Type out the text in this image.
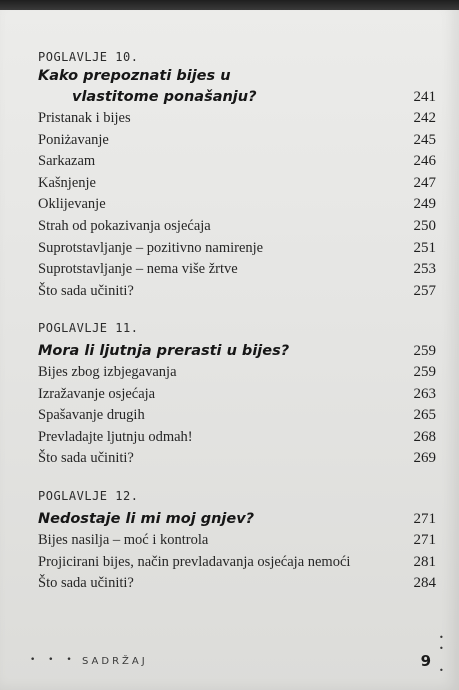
POGLAVLJE 10.
Kako prepoznati bijes u
vlastitome ponašanju?	241
Pristanak i bijes	242
Poniżavanje	245
Sarkazam	246
Kašnjenje	247
Oklijevanje	249
Strah od pokazivanja osjećaja	250
Suprotstavljanje – pozitivno namirenje	251
Suprotstavljanje – nema više žrtve	253
Što sada učiniti?	257
POGLAVLJE 11.
Mora li ljutnja prerasti u bijes?	259
Bijes zbog izbjegavanja	259
Izražavanje osjećaja	263
Spašavanje drugih	265
Prevladajte ljutnju odmah!	268
Što sada učiniti?	269
POGLAVLJE 12.
Nedostaje li mi moj gnjev?	271
Bijes nasilja – moć i kontrola	271
Projicirani bijes, način prevladavanja osjećaja nemoći	281
Što sada učiniti?	284
• • • SADRŽAJ	9
•
•

•
